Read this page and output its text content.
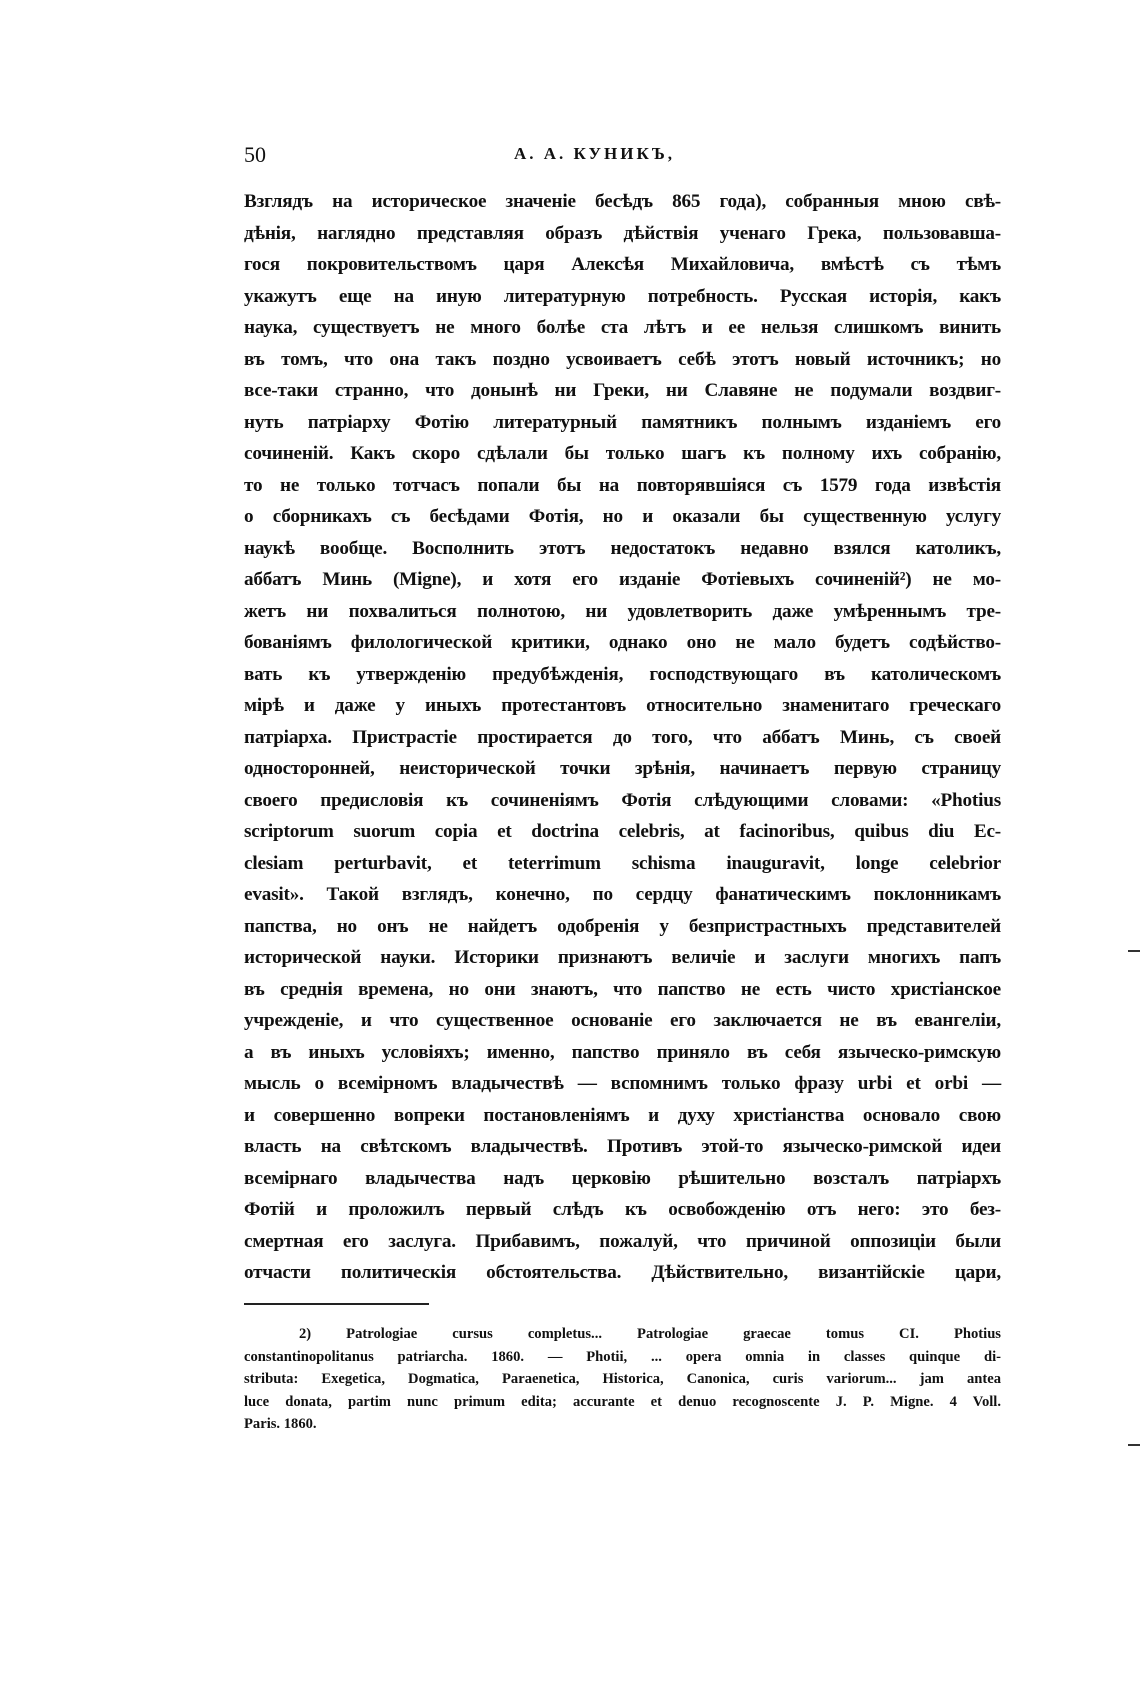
50	А. А. КУНИКЪ,
Взглядъ на историческое значеніе бесѣдъ 865 года), собранныя мною свѣ-
дѣнія, наглядно представляя образъ дѣйствія ученаго Грека, пользовавша-
гося покровительствомъ царя Алексѣя Михайловича, вмѣстѣ съ тѣмъ
укажутъ еще на иную литературную потребность. Русская исторія, какъ
наука, существуетъ не много болѣе ста лѣтъ и ее нельзя слишкомъ винить
въ томъ, что она такъ поздно усвоиваетъ себѣ этотъ новый источникъ; но
все-таки странно, что донынѣ ни Греки, ни Славяне не подумали воздвиг-
нуть патріарху Фотію литературный памятникъ полнымъ изданіемъ его
сочиненій. Какъ скоро сдѣлали бы только шагъ къ полному ихъ собранію,
то не только тотчасъ попали бы на повторявшіяся съ 1579 года извѣстія
о сборникахъ съ бесѣдами Фотія, но и оказали бы существенную услугу
наукѣ вообще. Восполнить этотъ недостатокъ недавно взялся католикъ,
аббатъ Минь (Migne), и хотя его изданіе Фотіевыхъ сочиненій²) не мо-
жетъ ни похвалиться полнотою, ни удовлетворить даже умѣреннымъ тре-
бованіямъ филологической критики, однако оно не мало будетъ содѣйство-
вать къ утвержденію предубѣжденія, господствующаго въ католическомъ
мірѣ и даже у иныхъ протестантовъ относительно знаменитаго греческаго
патріарха. Пристрастіе простирается до того, что аббатъ Минь, съ своей
односторонней, неисторической точки зрѣнія, начинаетъ первую страницу
своего предисловія къ сочиненіямъ Фотія слѣдующими словами: «Photius
scriptorum suorum copia et doctrina celebris, at facinoribus, quibus diu Ec-
clesiam perturbavit, et teterrimum schisma inauguravit, longe celebrior
evasit». Такой взглядъ, конечно, по сердцу фанатическимъ поклонникамъ
папства, но онъ не найдетъ одобренія у безпристрастныхъ представителей
исторической науки. Историки признаютъ величіе и заслуги многихъ папъ
въ среднія времена, но они знаютъ, что папство не есть чисто христіанское
учрежденіе, и что существенное основаніе его заключается не въ евангеліи,
а въ иныхъ условіяхъ; именно, папство приняло въ себя языческо-римскую
мысль о всемірномъ владычествѣ — вспомнимъ только фразу urbi et orbi —
и совершенно вопреки постановленіямъ и духу христіанства основало свою
власть на свѣтскомъ владычествѣ. Противъ этой-то языческо-римской идеи
всемірнаго владычества надъ церковію рѣшительно возсталъ патріархъ
Фотій и проложилъ первый слѣдъ къ освобожденію отъ него: это без-
смертная его заслуга. Прибавимъ, пожалуй, что причиной оппозиціи были
отчасти политическія обстоятельства. Дѣйствительно, византійскіе цари,
2) Patrologiae cursus completus... Patrologiae graecae tomus CI. Photius
constantinopolitanus patriarcha. 1860. — Photii, ... opera omnia in classes quinque di-
stributa: Exegetica, Dogmatica, Paraenetica, Historica, Canonica, curis variorum... jam antea
luce donata, partim nunc primum edita; accurante et denuo recognoscente J. P. Migne. 4 Voll.
Paris. 1860.
